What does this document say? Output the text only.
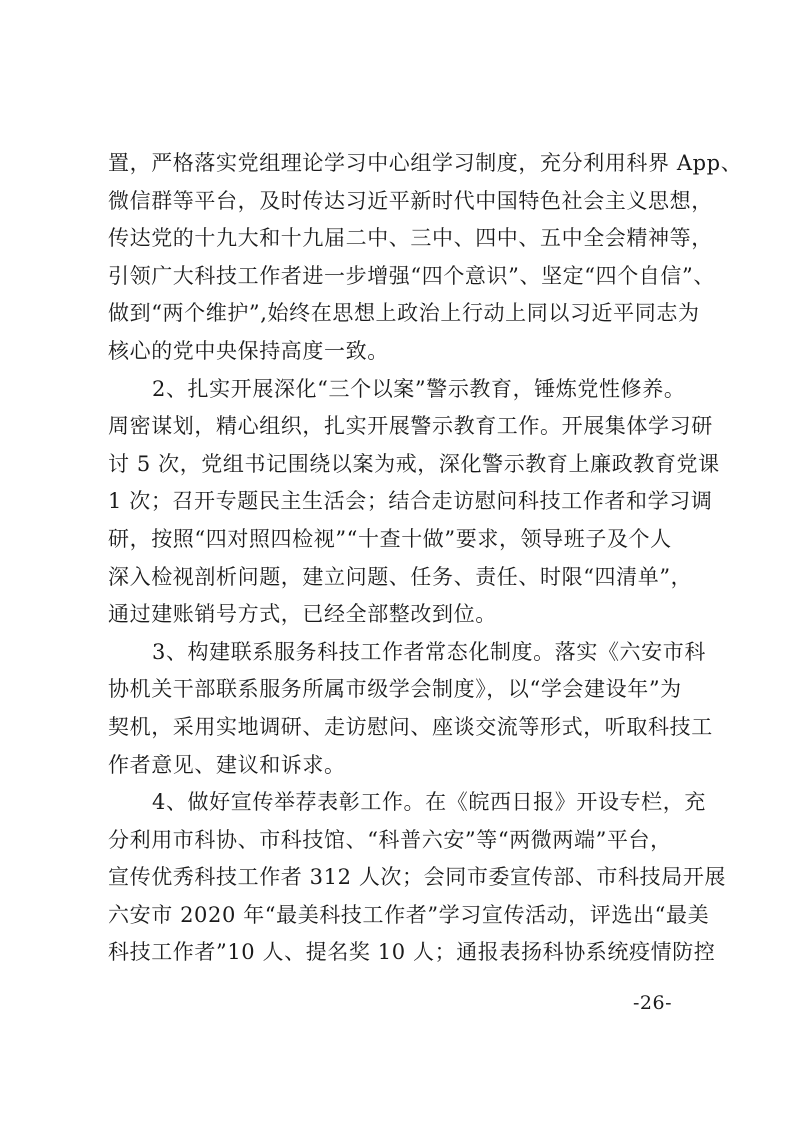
置，严格落实党组理论学习中心组学习制度，充分利用科界 App、
微信群等平台，及时传达习近平新时代中国特色社会主义思想，
传达党的十九大和十九届二中、三中、四中、五中全会精神等，
引领广大科技工作者进一步增强“四个意识”、坚定“四个自信”、
做到“两个维护”,始终在思想上政治上行动上同以习近平同志为
核心的党中央保持高度一致。
2、扎实开展深化“三个以案”警示教育，锤炼党性修养。
周密谋划，精心组织，扎实开展警示教育工作。开展集体学习研
讨 5 次，党组书记围绕以案为戒，深化警示教育上廉政教育党课
1 次；召开专题民主生活会；结合走访慰问科技工作者和学习调
研，按照“四对照四检视”“十查十做”要求，领导班子及个人
深入检视剖析问题，建立问题、任务、责任、时限“四清单”，
通过建账销号方式，已经全部整改到位。
3、构建联系服务科技工作者常态化制度。落实《六安市科
协机关干部联系服务所属市级学会制度》，以“学会建设年”为
契机，采用实地调研、走访慰问、座谈交流等形式，听取科技工
作者意见、建议和诉求。
4、做好宣传举荐表彰工作。在《皖西日报》开设专栏，充
分利用市科协、市科技馆、“科普六安”等“两微两端”平台，
宣传优秀科技工作者 312 人次；会同市委宣传部、市科技局开展
六安市 2020 年“最美科技工作者”学习宣传活动，评选出“最美
科技工作者”10 人、提名奖 10 人；通报表扬科协系统疫情防控
-26-
